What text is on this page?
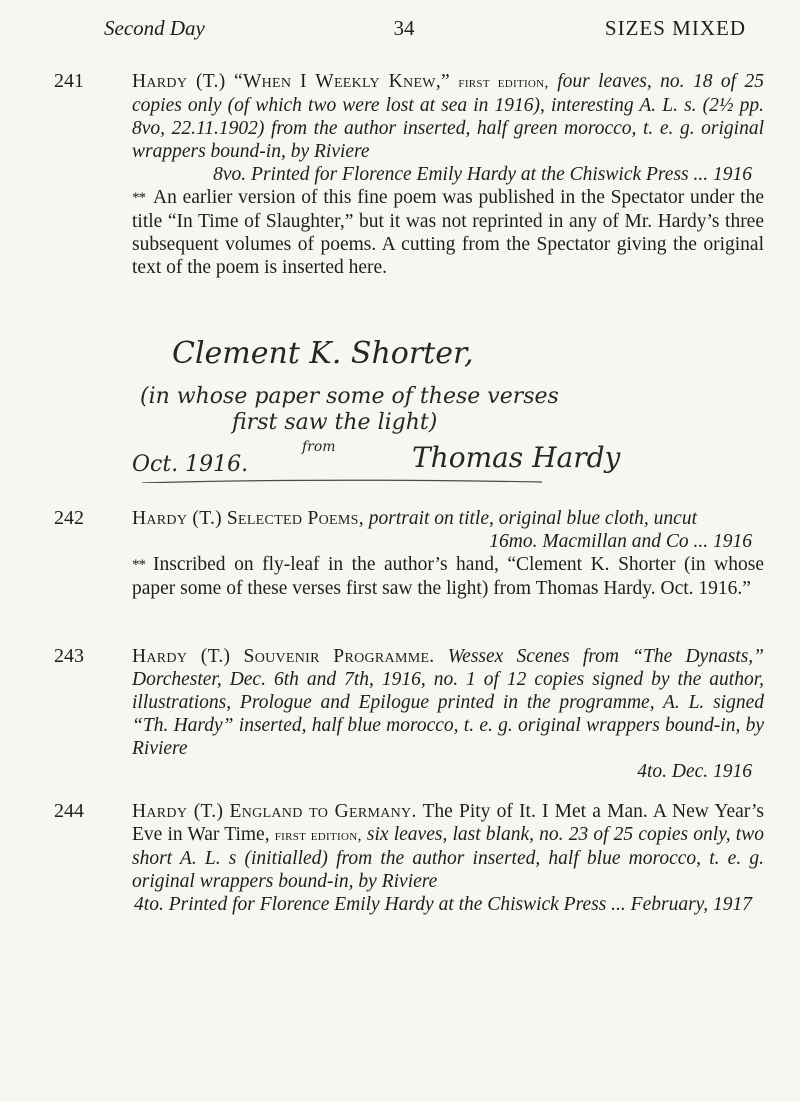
Second Day	34	SIZES MIXED
241 Hardy (T.) “When I Weekly Knew,” first edition, four leaves, no. 18 of 25 copies only (of which two were lost at sea in 1916), interesting A. L. s. (2½ pp. 8vo, 22.11.1902) from the author inserted, half green morocco, t. e. g. original wrappers bound-in, by Riviere

8vo. Printed for Florence Emily Hardy at the Chiswick Press ... 1916

** An earlier version of this fine poem was published in the Spectator under the title “In Time of Slaughter,” but it was not reprinted in any of Mr. Hardy’s three subsequent volumes of poems. A cutting from the Spectator giving the original text of the poem is inserted here.

Clement K. Shorter,
(in whose paper some of these verses
first saw the light)
from
Oct. 1916.	Thomas Hardy
242 Hardy (T.) Selected Poems, portrait on title, original blue cloth, uncut

16mo. Macmillan and Co ... 1916

** Inscribed on fly-leaf in the author’s hand, “Clement K. Shorter (in whose paper some of these verses first saw the light) from Thomas Hardy. Oct. 1916.”

243 Hardy (T.) Souvenir Programme. Wessex Scenes from “The Dynasts,” Dorchester, Dec. 6th and 7th, 1916, no. 1 of 12 copies signed by the author, illustrations, Prologue and Epilogue printed in the programme, A. L. signed “Th. Hardy” inserted, half blue morocco, t. e. g. original wrappers bound-in, by Riviere

4to. Dec. 1916

244 Hardy (T.) England to Germany. The Pity of It. I Met a Man. A New Year’s Eve in War Time, first edition, six leaves, last blank, no. 23 of 25 copies only, two short A. L. s (initialled) from the author inserted, half blue morocco, t. e. g. original wrappers bound-in, by Riviere

4to. Printed for Florence Emily Hardy at the Chiswick Press ... February, 1917
